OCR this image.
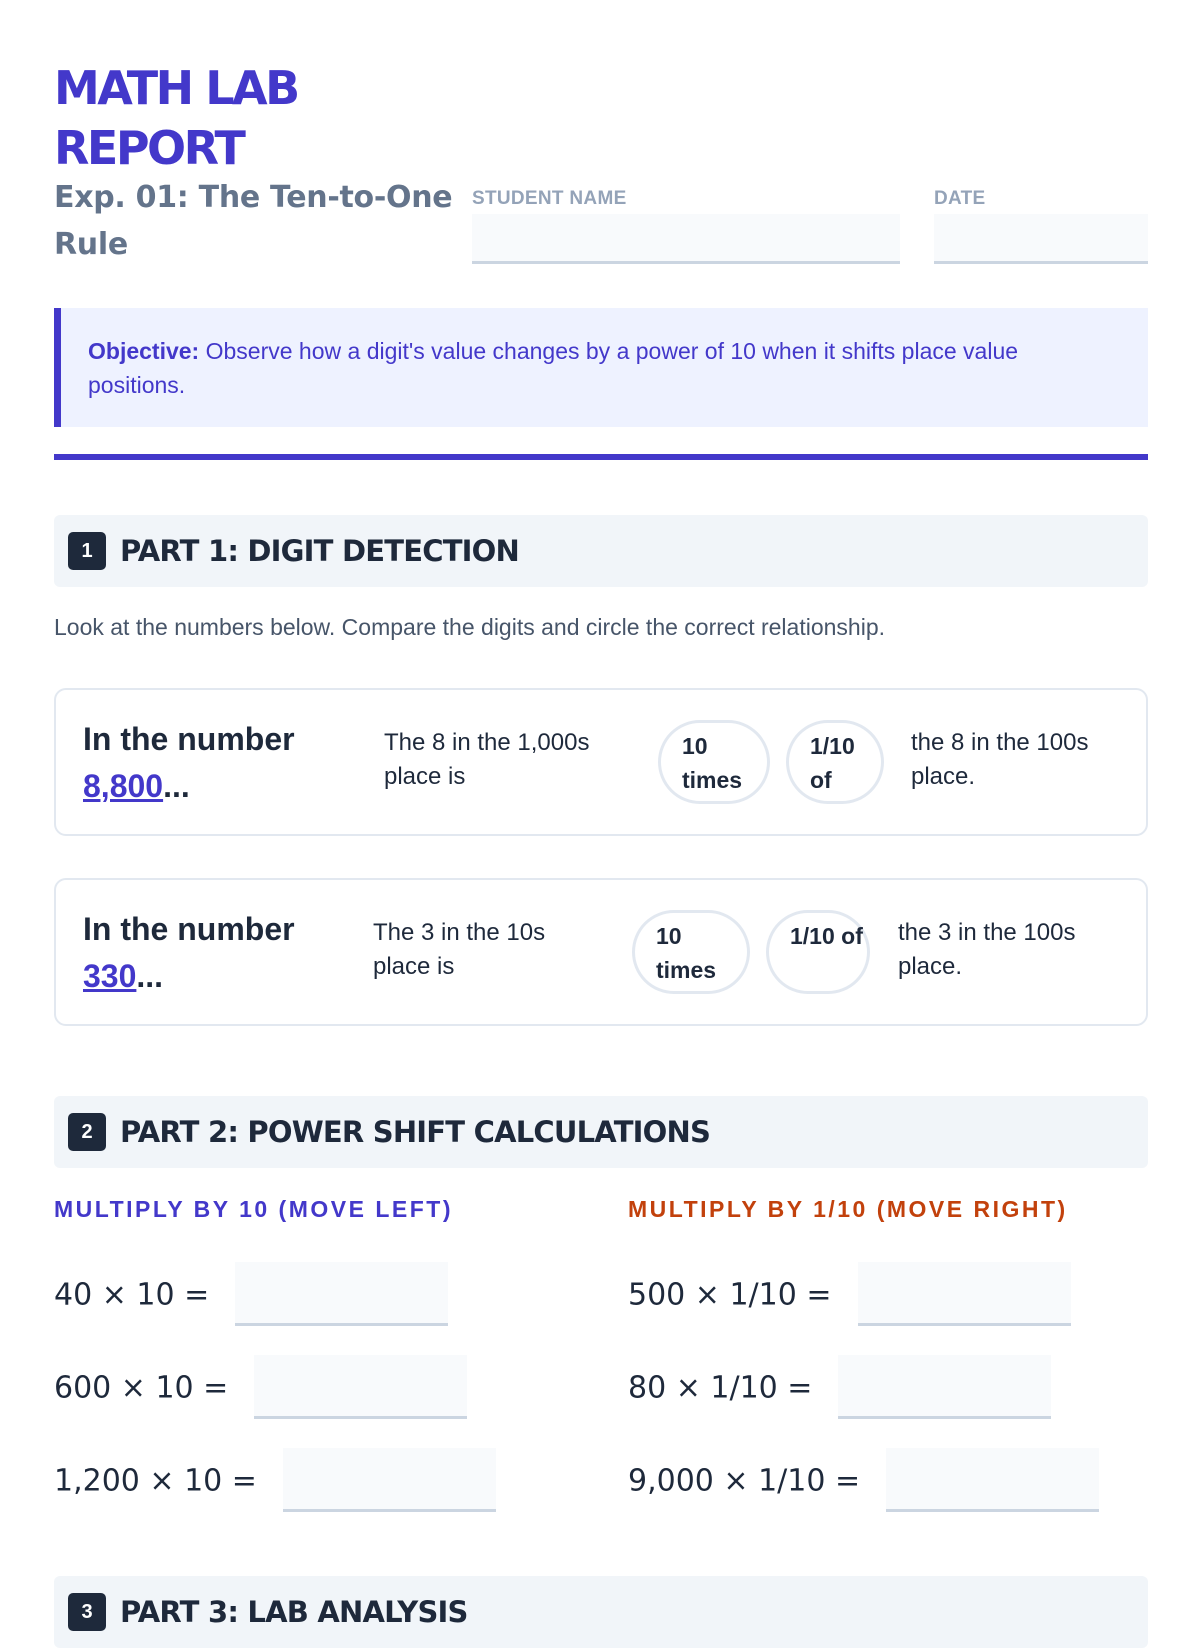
MATH LAB
REPORT
Exp. 01: The Ten-to-One Rule
STUDENT NAME	DATE
Objective: Observe how a digit's value changes by a power of 10 when it shifts place value positions.
1 PART 1: DIGIT DETECTION
Look at the numbers below. Compare the digits and circle the correct relationship.
In the number
8,800...
The 8 in the 1,000s place is
10 times
1/10 of
the 8 in the 100s place.
In the number
330...
The 3 in the 10s place is
10 times
1/10 of the 3 in the 100s place.
2 PART 2: POWER SHIFT CALCULATIONS
MULTIPLY BY 10 (MOVE LEFT)	MULTIPLY BY 1/10 (MOVE RIGHT)
40 × 10 =
600 × 10 =
1,200 × 10 =
500 × 1/10 =
80 × 1/10 =
9,000 × 1/10 =
3 PART 3: LAB ANALYSIS
